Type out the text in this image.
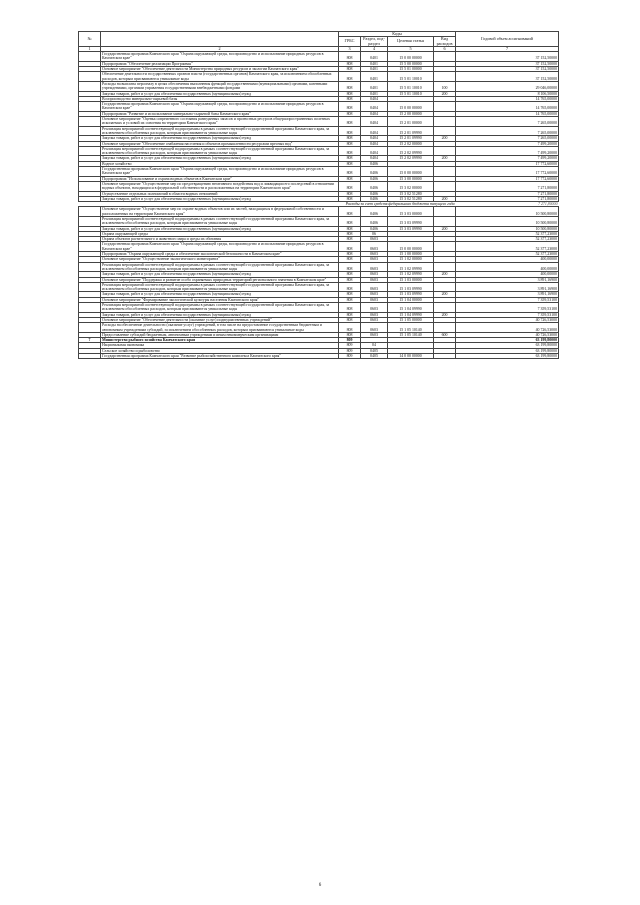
№	Наименование	Коды				Годовой объем ассигнований
		ГРБС	Раздел, под-раздел	Целевая статья	Вид расходов	
1	2	3	4	5	6	7
	Государственная программа Камчатского края "Охрана окружающей среды, воспроизводство и использование природных ресурсов в Камчатском крае"	808	0401	15 0 00 00000		37 152,50000
	Подпрограмма "Обеспечение реализации Программы"	808	0401	15 5 00 00000		37 152,50000
	Основное мероприятие "Обеспечение деятельности Министерства природных ресурсов и экологии Камчатского края"	808	0401	15 5 01 00000		37 152,50000
	Обеспечение деятельности государственных органов власти (государственных органов) Камчатского края, за исключением обособленных расходов, которым присваиваются уникальные коды	808	0401	15 5 01 10010		37 152,50000
	Расходы на выплаты персоналу в целях обеспечения выполнения функций государственными (муниципальными) органами, казенными учреждениями, органами управления государственными внебюджетными фондами	808	0401	15 5 01 10010	100	29 046,00000
	Закупка товаров, работ и услуг для обеспечения государственных (муниципальных) нужд	808	0401	15 5 01 10010	200	8 106,50000
	Воспроизводство минерально-сырьевой базы	808	0404			14 765,00000
	Государственная программа Камчатского края "Охрана окружающей среды, воспроизводство и использование природных ресурсов в Камчатском крае"	808	0404	15 0 00 00000		14 765,00000
	Подпрограмма "Развитие и использование минерально-сырьевой базы Камчатского края"	808	0404	15 2 00 00000		14 765,00000
	Основное мероприятие "Оценка современного состояния разведанных запасов и прогнозных ресурсов общераспространенных полезных ископаемых и условий их освоения на территории Камчатского края"	808	0404	15 2 01 00000		7 265,00000
	Реализация мероприятий соответствующей подпрограммы в рамках соответствующей государственной программы Камчатского края, за исключением обособленных расходов, которым присваиваются уникальные коды	808	0404	15 2 01 09990		7 265,00000
	Закупка товаров, работ и услуг для обеспечения государственных (муниципальных) нужд	808	0404	15 2 01 09990	200	7 265,00000
	Основное мероприятие "Обеспечение снабжения населения и объектов промышленности ресурсами пресных вод"	808	0404	15 2 02 00000		7 499,20000
	Реализация мероприятий соответствующей подпрограммы в рамках соответствующей государственной программы Камчатского края, за исключением обособленных расходов, которым присваиваются уникальные коды	808	0404	15 2 02 09990		7 499,20000
	Закупка товаров, работ и услуг для обеспечения государственных (муниципальных) нужд	808	0404	15 2 02 09990	200	7 499,20000
	Водное хозяйство	808	0406			17 772,60000
	Государственная программа Камчатского края "Охрана окружающей среды, воспроизводство и использование природных ресурсов в Камчатском крае"	808	0406	15 0 00 00000		17 772,60000
	Подпрограмма "Использование и охрана водных объектов в Камчатском крае"	808	0406	15 3 00 00000		17 772,60000
	Основное мероприятие "Осуществление мер по предотвращению негативного воздействия вод и ликвидации его последствий в отношении водных объектов, находящихся в федеральной собственности и расположенных на территории Камчатского края"	808	0406	15 3 02 00000		7 271,80000
	Осуществление отдельных полномочий в области водных отношений	808	0406	15 3 02 51280		7 271,80000
	Закупка товаров, работ и услуг для обеспечения государственных (муниципальных) нужд	808	0406	15 3 02 51280	200	7 271,80000
Расходы за счет средств федерального бюджета текущего года						7 271,80000
	Основное мероприятие "Осуществление мер по охране водных объектов или их частей, находящихся в федеральной собственности и расположенных на территории Камчатского края"	808	0406	15 3 03 00000		10 500,80000
	Реализация мероприятий соответствующей подпрограммы в рамках соответствующей государственной программы Камчатского края, за исключением обособленных расходов, которым присваиваются уникальные коды	808	0406	15 3 03 09990		10 500,80000
	Закупка товаров, работ и услуг для обеспечения государственных (муниципальных) нужд	808	0406	15 3 03 09990	200	10 500,80000
	Охрана окружающей среды	808	06			52 377,23000
	Охрана объектов растительного и животного мира и среды их обитания	808	0603			52 377,23000
	Государственная программа Камчатского края "Охрана окружающей среды, воспроизводство и использование природных ресурсов в Камчатском крае"	808	0603	15 0 00 00000		52 377,23000
	Подпрограмма "Охрана окружающей среды и обеспечение экологической безопасности в Камчатском крае"	808	0603	15 1 00 00000		52 377,23000
	Основное мероприятие "Осуществление экологического мониторинга"	808	0603	15 1 02 00000		400,00000
	Реализация мероприятий соответствующей подпрограммы в рамках соответствующей государственной программы Камчатского края, за исключением обособленных расходов, которым присваиваются уникальные коды	808	0603	15 1 02 09990		400,00000
	Закупка товаров, работ и услуг для обеспечения государственных (муниципальных) нужд	808	0603	15 1 02 09990	200	400,00000
	Основное мероприятие "Поддержка и развитие особо охраняемых природных территорий регионального значения в Камчатском крае"	808	0603	15 1 03 00000		3 891,16900
	Реализация мероприятий соответствующей подпрограммы в рамках соответствующей государственной программы Камчатского края, за исключением обособленных расходов, которым присваиваются уникальные коды	808	0603	15 1 03 09990		3 891,16900
	Закупка товаров, работ и услуг для обеспечения государственных (муниципальных) нужд	808	0603	15 1 03 09990	200	3 891,16900
	Основное мероприятие "Формирование экологической культуры населения Камчатского края"	808	0603	15 1 04 00000		7 359,53100
	Реализация мероприятий соответствующей подпрограммы в рамках соответствующей государственной программы Камчатского края, за исключением обособленных расходов, которым присваиваются уникальные коды	808	0603	15 1 04 09990		7 359,53100
	Закупка товаров, работ и услуг для обеспечения государственных (муниципальных) нужд	808	0603	15 1 04 09990	200	7 359,53100
	Основное мероприятие "Обеспечение деятельности (оказание услуг) подведомственных учреждений"	808	0603	15 1 05 00000		40 726,53000
	Расходы на обеспечение деятельности (оказание услуг) учреждений, в том числе на предоставление государственным бюджетным и автономным учреждениям субсидий, за исключением обособленных расходов, которым присваиваются уникальные коды	808	0603	15 1 05 10140		40 726,53000
	Предоставление субсидий бюджетным, автономным учреждениям и иным некоммерческим организациям	808	0603	15 1 05 10140	600	40 726,53000
7	Министерство рыбного хозяйства Камчатского края	809				63 199,80000
	Национальная экономика	809	04			63 199,80000
	Сельское хозяйство и рыболовство	809	0405			63 199,80000
	Государственная программа Камчатского края "Развитие рыбохозяйственного комплекса Камчатского края"	809	0405	14 0 00 00000		63 199,80000
6
